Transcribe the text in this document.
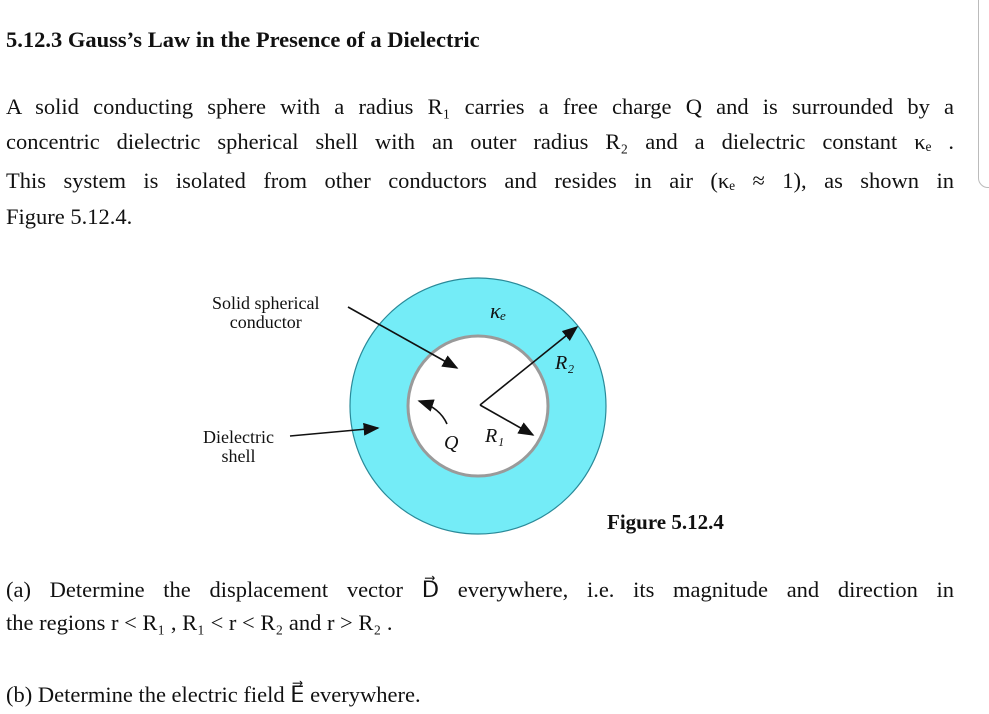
5.12.3 Gauss’s Law in the Presence of a Dielectric
A solid conducting sphere with a radius R₁ carries a free charge Q and is surrounded by a
concentric dielectric spherical shell with an outer radius R₂ and a dielectric constant κₑ .
This system is isolated from other conductors and resides in air (κₑ ≈ 1), as shown in
Figure 5.12.4.
Solid spherical
conductor
Dielectric
shell
κₑ
R₂
R₁
Q
Figure 5.12.4
(a) Determine the displacement vector D⃗ everywhere, i.e. its magnitude and direction in
the regions r < R₁ , R₁ < r < R₂ and r > R₂ .
(b) Determine the electric field E⃗ everywhere.
